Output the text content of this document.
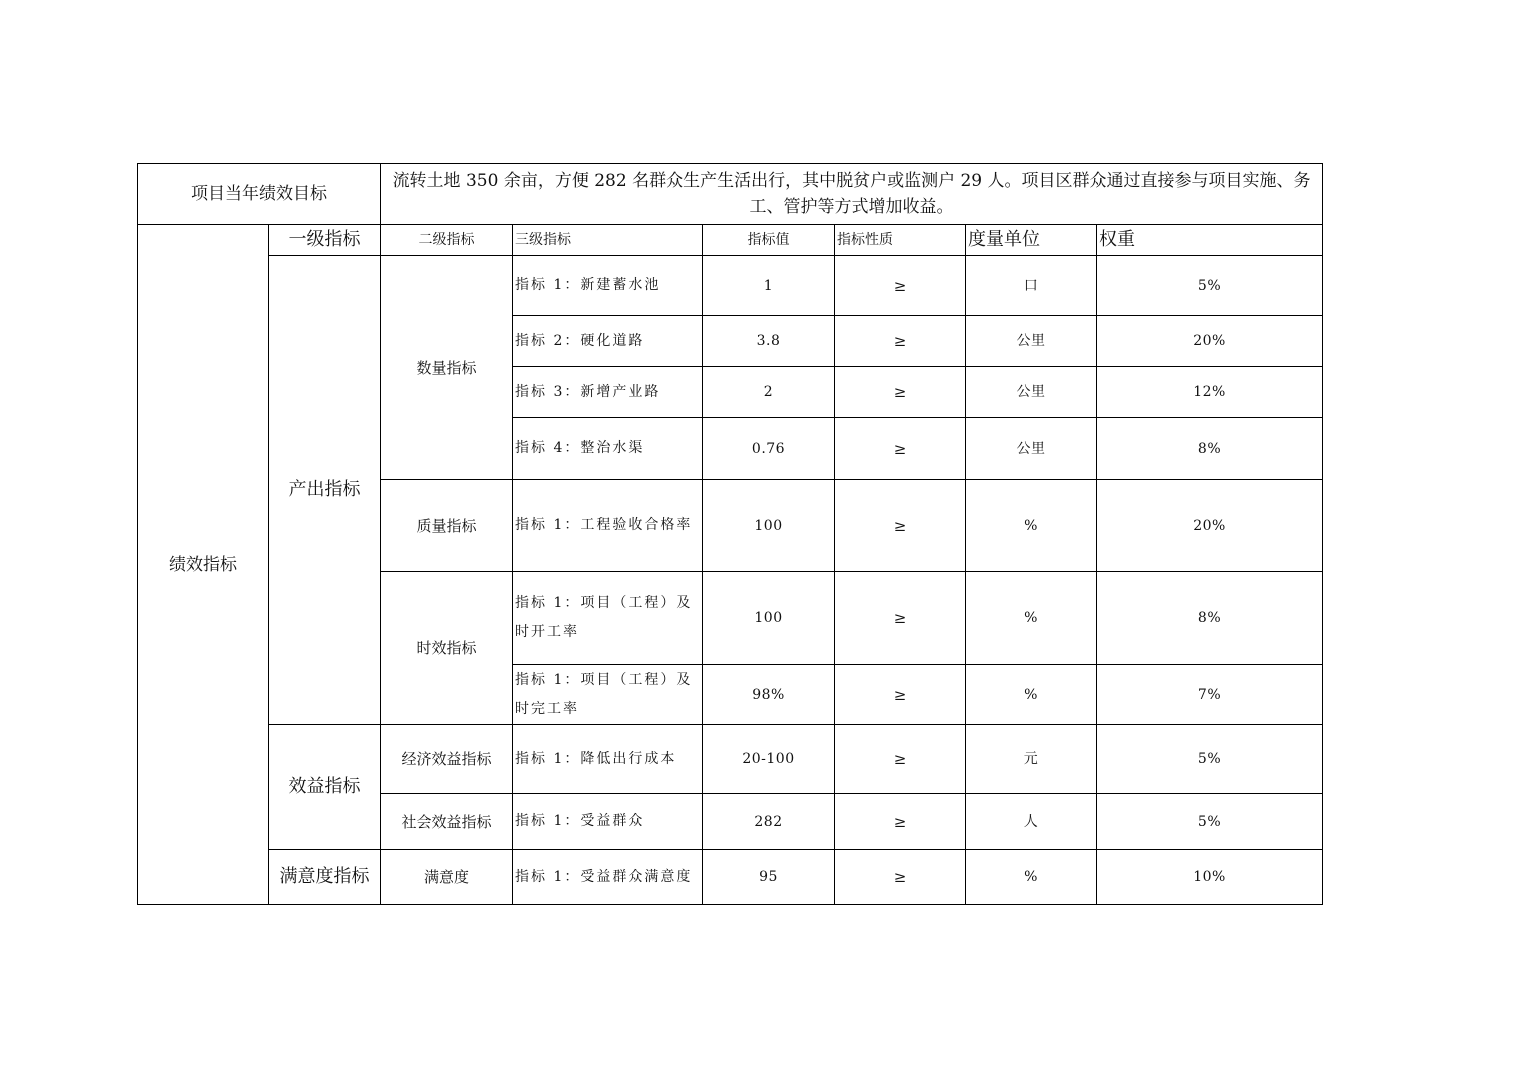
项目当年绩效目标		流转土地 350 余亩，方便 282 名群众生产生活出行，其中脱贫户或监测户 29 人。项目区群众通过直接参与项目实施、务工、管护等方式增加收益。					
绩效指标	一级指标	二级指标	三级指标	指标值	指标性质	度量单位	权重
	产出指标	数量指标	指标 1：新建蓄水池	1	≥	口	5%
			指标 2：硬化道路	3.8	≥	公里	20%
			指标 3：新增产业路	2	≥	公里	12%
			指标 4：整治水渠	0.76	≥	公里	8%
		质量指标	指标 1：工程验收合格率	100	≥	%	20%
		时效指标	指标 1：项目（工程）及时开工率	100	≥	%	8%
			指标 1：项目（工程）及时完工率	98%	≥	%	7%
	效益指标	经济效益指标	指标 1：降低出行成本	20-100	≥	元	5%
		社会效益指标	指标 1：受益群众	282	≥	人	5%
	满意度指标	满意度	指标 1：受益群众满意度	95	≥	%	10%
